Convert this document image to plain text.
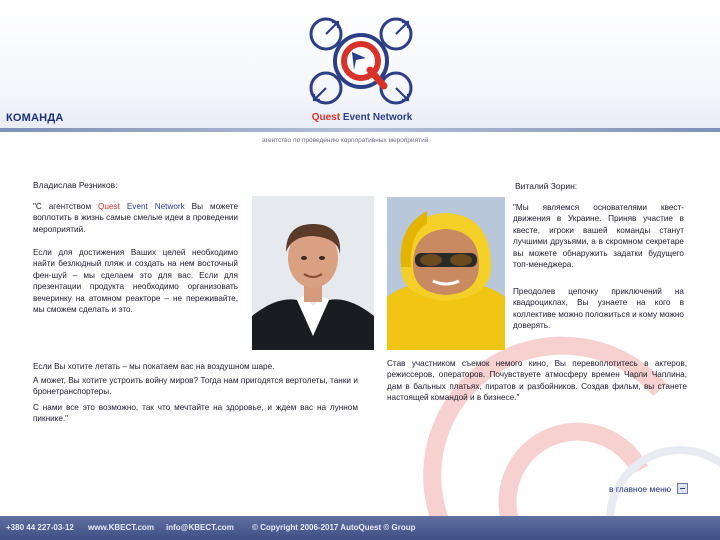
КОМАНДА	Quest Event Network
агентство по проведению корпоративных мероприятий
Владислав Резников:
"С агентством Quest Event Network Вы можете воплотить в жизнь самые смелые идеи в проведении мероприятий.
Если для достижения Ваших целей необходимо найти безлюдный пляж и создать на нем восточный фен-шуй – мы сделаем это для вас. Если для презентации продукта необходимо организовать вечеринку на атомном реакторе – не переживайте, мы сможем сделать и это.
Если Вы хотите летать – мы покатаем вас на воздушном шаре.
А может, Вы хотите устроить войну миров? Тогда нам пригодятся вертолеты, танки и бронетранспортеры.
С нами все это возможно, так что мечтайте на здоровье, и ждем вас на лунном пикнике."
Виталий Зорин:
"Мы являемся основателями квест-движения в Украине. Приняв участие в квесте, игроки вашей команды станут лучшими друзьями, а в скромном секретаре вы можете обнаружить задатки будущего топ-менеджера.
Преодолев цепочку приключений на квадроциклах, Вы узнаете на кого в коллективе можно положиться и кому можно доверять.
Став участником съемок немого кино, Вы перевоплотитесь в актеров, режиссеров, операторов. Почувствуете атмосферу времен Чарли Чаплина, дам в бальных платьях, пиратов и разбойников. Создав фильм, вы станете настоящей командой и в бизнесе."
в главное меню
+380 44 227-03-12 www.KBECT.com info@KBECT.com © Copyright 2006-2017 AutoQuest © Group
